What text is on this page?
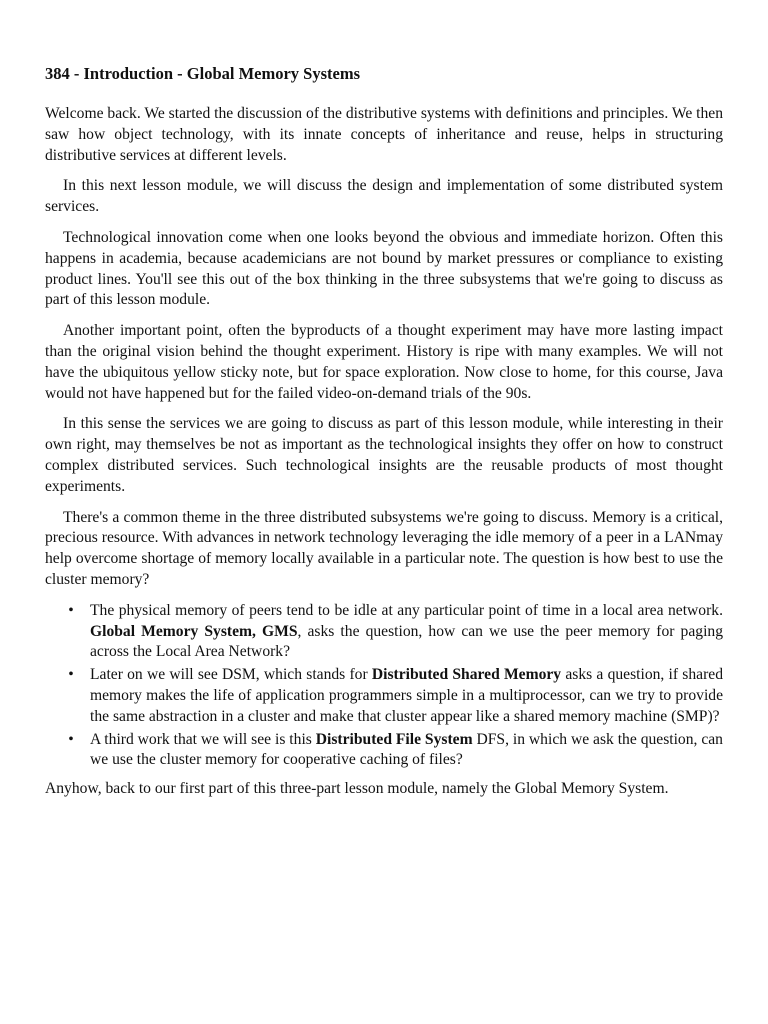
384 - Introduction - Global Memory Systems

Welcome back. We started the discussion of the distributive systems with definitions and principles. We then saw how object technology, with its innate concepts of inheritance and reuse, helps in structuring distributive services at different levels.

In this next lesson module, we will discuss the design and implementation of some distributed system services.

Technological innovation come when one looks beyond the obvious and immediate horizon. Often this happens in academia, because academicians are not bound by market pressures or compliance to existing product lines. You'll see this out of the box thinking in the three subsystems that we're going to discuss as part of this lesson module.

Another important point, often the byproducts of a thought experiment may have more lasting impact than the original vision behind the thought experiment. History is ripe with many examples. We will not have the ubiquitous yellow sticky note, but for space exploration. Now close to home, for this course, Java would not have happened but for the failed video-on-demand trials of the 90s.

In this sense the services we are going to discuss as part of this lesson module, while interesting in their own right, may themselves be not as important as the technological insights they offer on how to construct complex distributed services. Such technological insights are the reusable products of most thought experiments.

There's a common theme in the three distributed subsystems we're going to discuss. Memory is a critical, precious resource. With advances in network technology leveraging the idle memory of a peer in a LANmay help overcome shortage of memory locally available in a particular note. The question is how best to use the cluster memory?

• The physical memory of peers tend to be idle at any particular point of time in a local area network. Global Memory System, GMS, asks the question, how can we use the peer memory for paging across the Local Area Network?
• Later on we will see DSM, which stands for Distributed Shared Memory asks a question, if shared memory makes the life of application programmers simple in a multiprocessor, can we try to provide the same abstraction in a cluster and make that cluster appear like a shared memory machine (SMP)?
• A third work that we will see is this Distributed File System DFS, in which we ask the question, can we use the cluster memory for cooperative caching of files?

Anyhow, back to our first part of this three-part lesson module, namely the Global Memory System.
